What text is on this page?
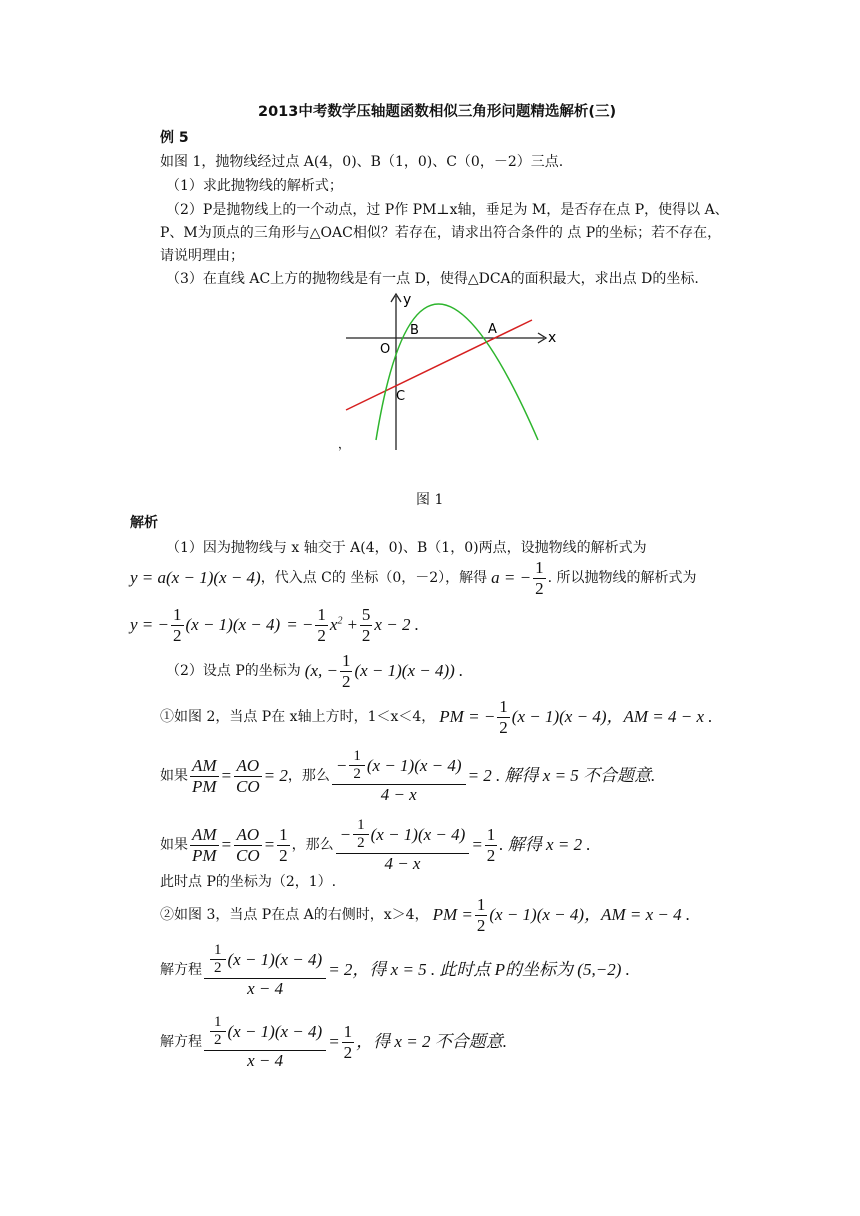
2013中考数学压轴题函数相似三角形问题精选解析(三)
例 5
如图 1，抛物线经过点 A(4，0)、B（1，0)、C（0，－2）三点.
（1）求此抛物线的解析式；
（2）P是抛物线上的一个动点，过 P作 PM⊥x轴，垂足为 M，是否存在点 P，使得以 A、
P、M为顶点的三角形与△OAC相似？若存在，请求出符合条件的 点 P的坐标；若不存在，
请说明理由；
（3）在直线 AC上方的抛物线是有一点 D，使得△DCA的面积最大，求出点 D的坐标.
y
x
O
B	A
C
，
图 1
解析
（1）因为抛物线与 x 轴交于 A(4，0)、B（1，0)两点，设抛物线的解析式为
y = a(x − 1)(x − 4) ，代入点 C的 坐标（0，－2），解得 a = − $\frac{1}{2}$ . 所以抛物线的解析式为
y = − $\frac{1}{2} (x - 1)(x - 4)$ = − $\frac{1}{2} x^2 + \frac{5}{2}$ x − 2 .
（2）设点 P的坐标为 (x, − $\frac{1}{2} (x - 1)(x - 4)$) .
①如图 2，当点 P在 x轴上方时，1＜x＜4， PM = − $\frac{1}{2} (x - 1)(x - 4)$ ，AM = 4 − x .
如果 $\frac{AM}{PM} = \frac{AO}{CO} = 2$ ，那么 $\frac{- \frac{1}{2} (x - 1)(x - 4)}{4 - x} = 2$ . 解得 x = 5 不合题意.
如果 $\frac{AM}{PM} = \frac{AO}{CO} = \frac{1}{2}$ ，那么 $\frac{- \frac{1}{2} (x - 1)(x - 4)}{4 - x} = \frac{1}{2}$ . 解得 x = 2 .
此时点 P的坐标为（2，1）.
②如图 3，当点 P在点 A的右侧时，x＞4， PM = $\frac{1}{2} (x - 1)(x - 4)$ ，AM = x − 4 .
解方程 $\frac{\frac{1}{2} (x - 1)(x - 4)}{x - 4} = 2$，得 x = 5 . 此时点 P的坐标为 (5,−2) .
解方程 $\frac{\frac{1}{2} (x - 1)(x - 4)}{x - 4} = \frac{1}{2}$ ，得 x = 2 不合题意.
